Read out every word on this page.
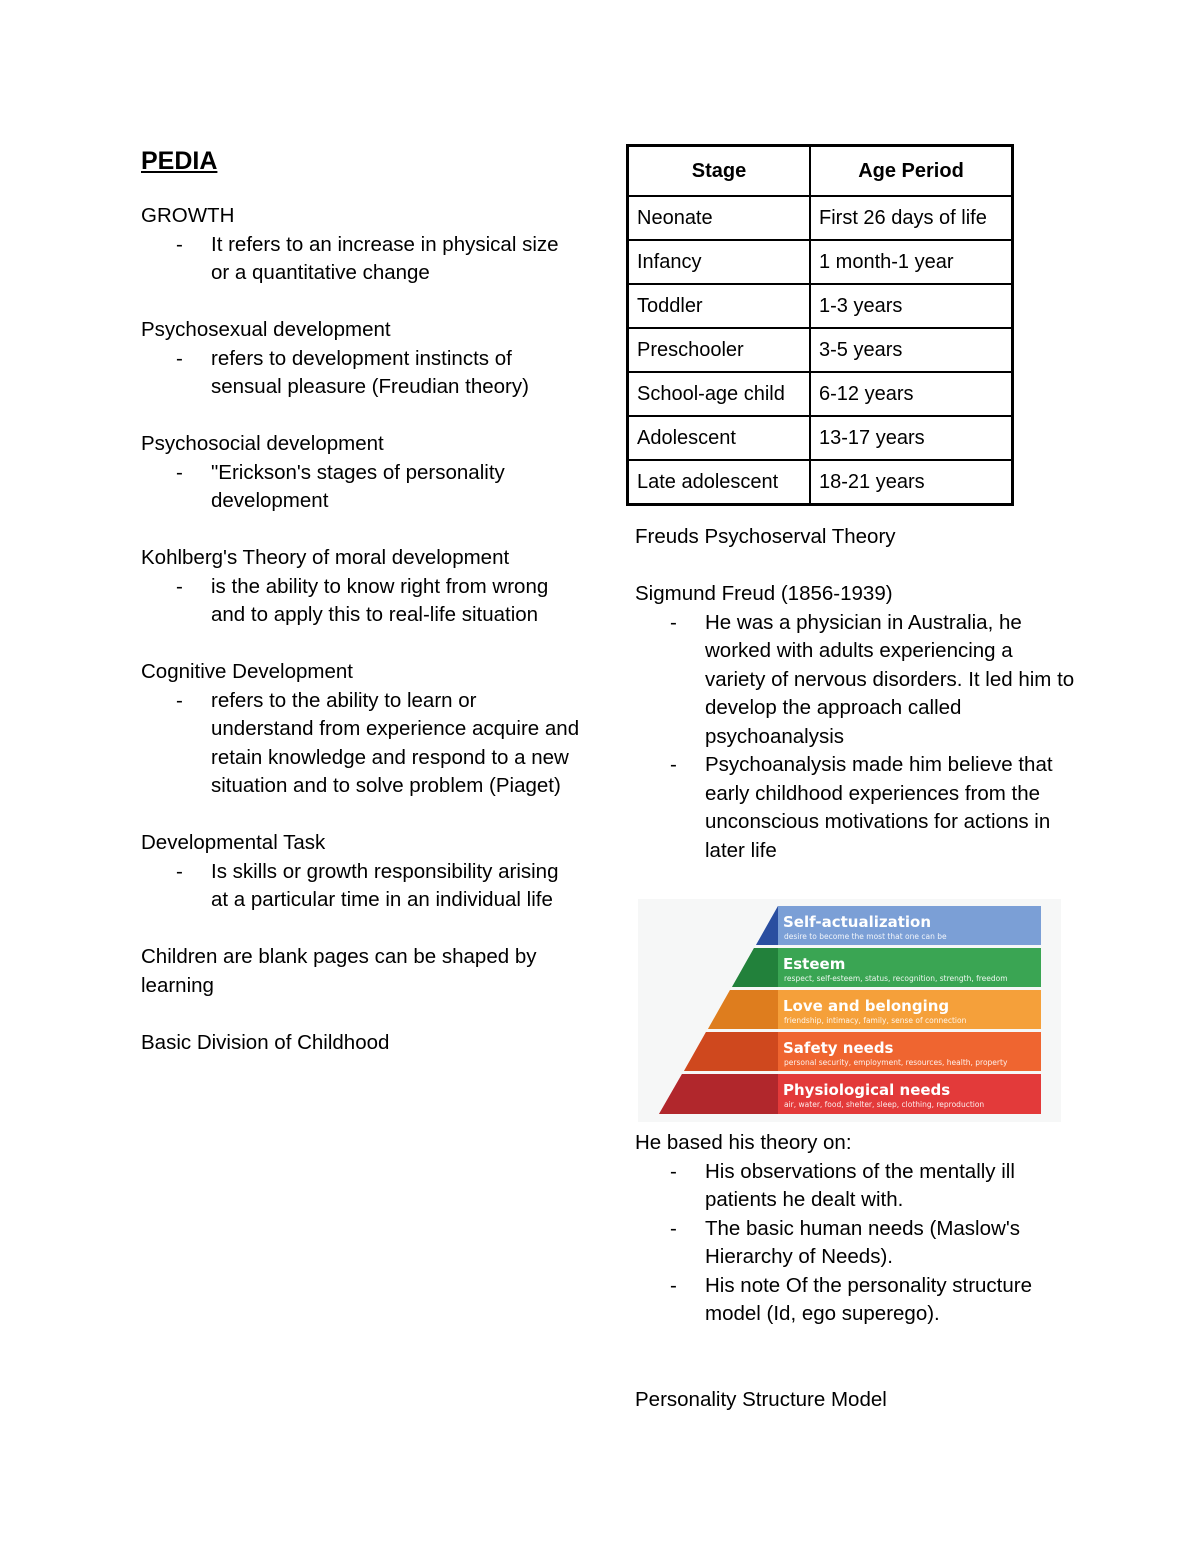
PEDIA
GROWTH
- It refers to an increase in physical size or a quantitative change
Psychosexual development
- refers to development instincts of sensual pleasure (Freudian theory)
Psychosocial development
- "Erickson's stages of personality development
Kohlberg's Theory of moral development
- is the ability to know right from wrong and to apply this to real-life situation
Cognitive Development
- refers to the ability to learn or understand from experience acquire and retain knowledge and respond to a new situation and to solve problem (Piaget)
Developmental Task
- Is skills or growth responsibility arising at a particular time in an individual life
Children are blank pages can be shaped by learning
Basic Division of Childhood
Stage	Age Period
Neonate	First 26 days of life
Infancy	1 month-1 year
Toddler	1-3 years
Preschooler	3-5 years
School-age child	6-12 years
Adolescent	13-17 years
Late adolescent	18-21 years
Freuds Psychoserval Theory
Sigmund Freud (1856-1939)
- He was a physician in Australia, he worked with adults experiencing a variety of nervous disorders. It led him to develop the approach called psychoanalysis
- Psychoanalysis made him believe that early childhood experiences from the unconscious motivations for actions in later life
Self-actualization
desire to become the most that one can be
Esteem
respect, self-esteem, status, recognition, strength, freedom
Love and belonging
friendship, intimacy, family, sense of connection
Safety needs
personal security, employment, resources, health, property
Physiological needs
air, water, food, shelter, sleep, clothing, reproduction
He based his theory on:
- His observations of the mentally ill patients he dealt with.
- The basic human needs (Maslow's Hierarchy of Needs).
- His note Of the personality structure model (Id, ego superego).
Personality Structure Model
